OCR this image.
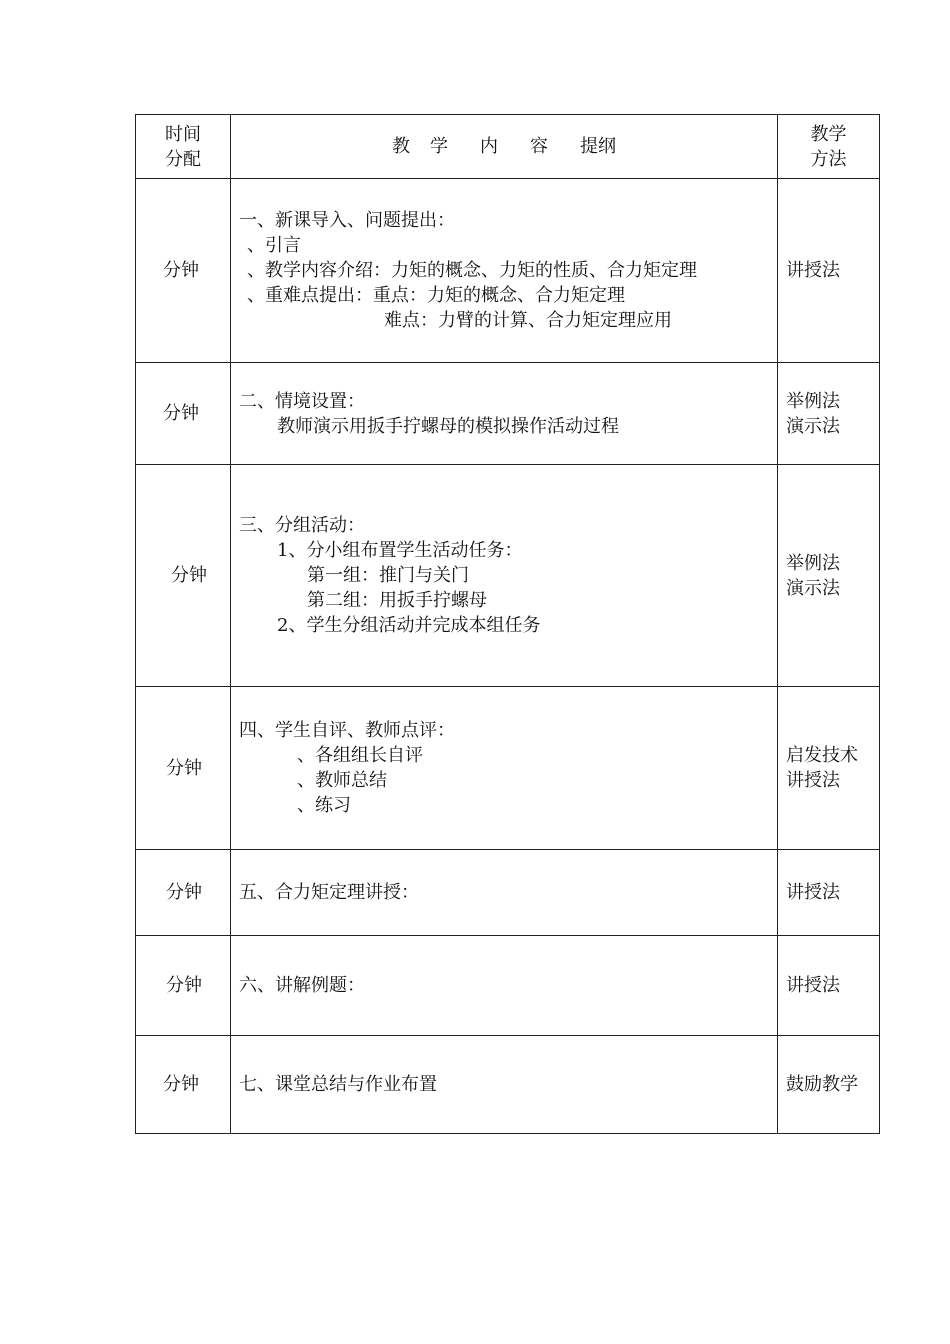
时间
分配	教 学 内 容 提纲	教学
方法

分钟	一、新课导入、问题提出：
、引言
、教学内容介绍：力矩的概念、力矩的性质、合力矩定理
、重难点提出：重点：力矩的概念、合力矩定理
难点：力臂的计算、合力矩定理应用	讲授法

分钟	二、情境设置：
教师演示用扳手拧螺母的模拟操作活动过程	举例法
演示法

分钟	三、分组活动：
1、分小组布置学生活动任务：
第一组：推门与关门
第二组：用扳手拧螺母
2、学生分组活动并完成本组任务	举例法
演示法

分钟	四、学生自评、教师点评：
、各组组长自评
、教师总结
、练习	启发技术
讲授法

分钟	五、合力矩定理讲授：	讲授法

分钟	六、讲解例题：	讲授法

分钟	七、课堂总结与作业布置	鼓励教学
